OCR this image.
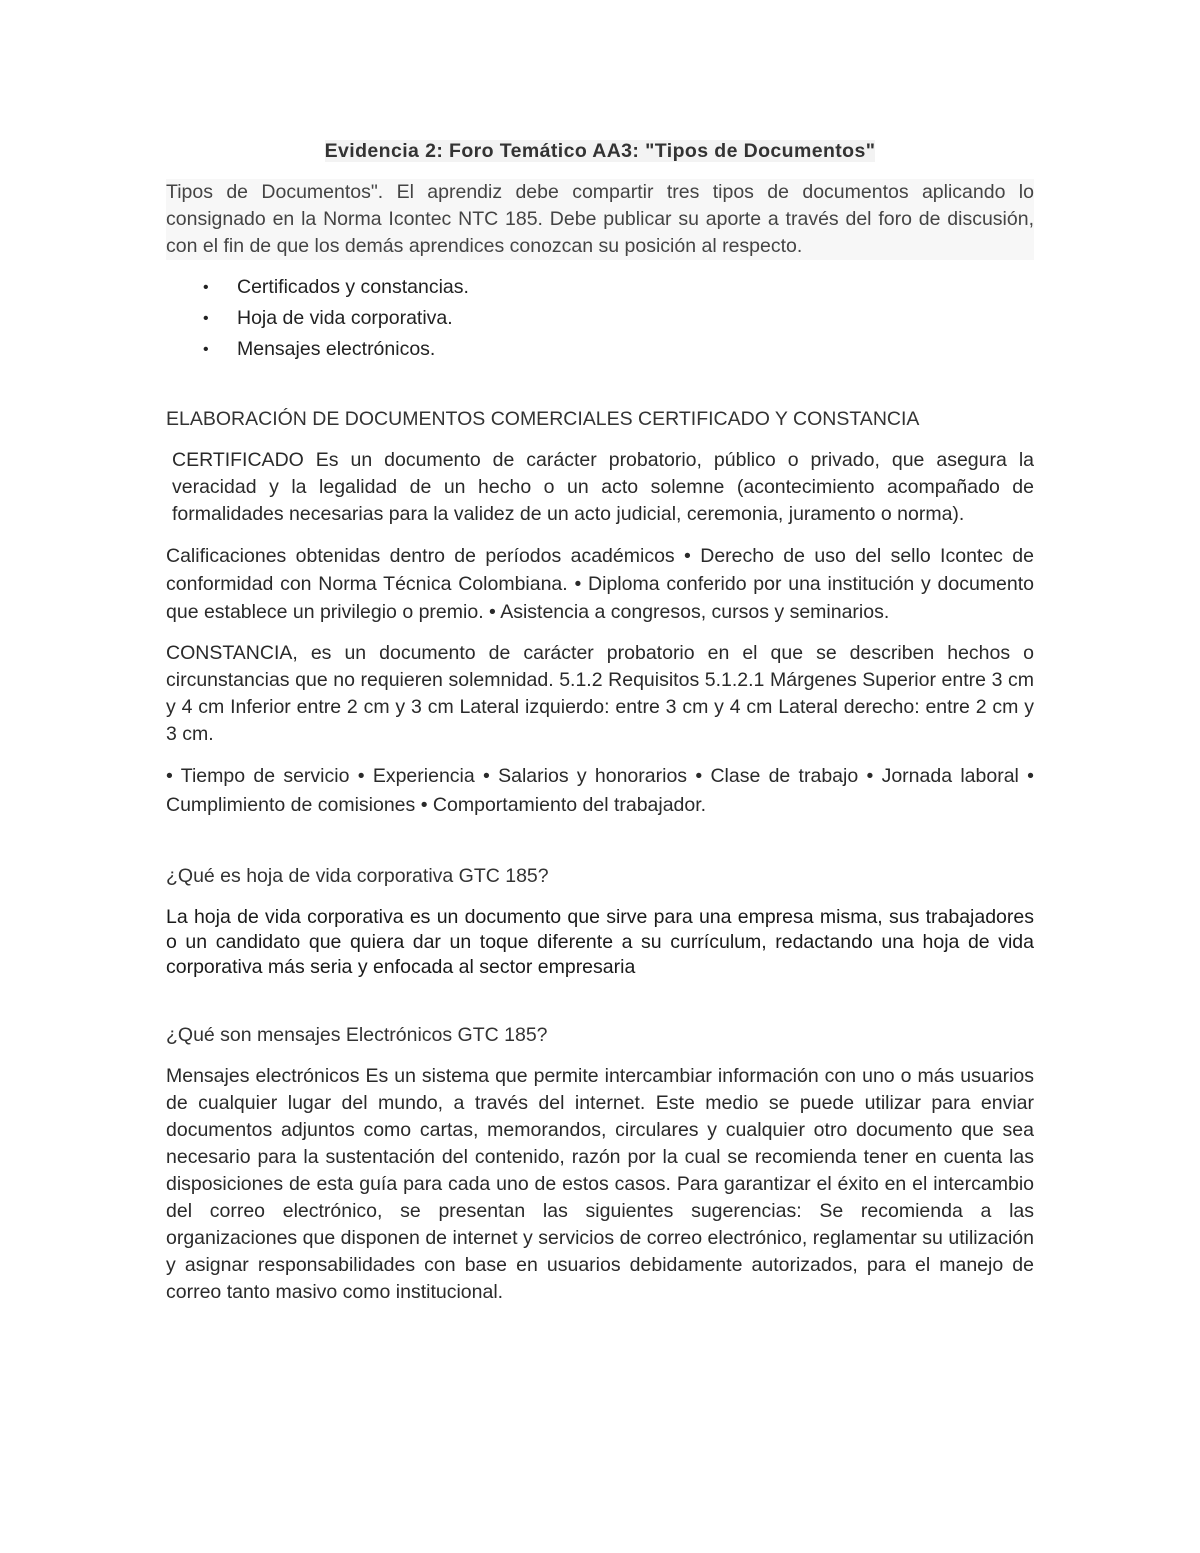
Evidencia 2: Foro Temático AA3: "Tipos de Documentos"

Tipos de Documentos". El aprendiz debe compartir tres tipos de documentos aplicando lo consignado en la Norma Icontec NTC 185. Debe publicar su aporte a través del foro de discusión, con el fin de que los demás aprendices conozcan su posición al respecto.

• Certificados y constancias.
• Hoja de vida corporativa.
• Mensajes electrónicos.

ELABORACIÓN DE DOCUMENTOS COMERCIALES CERTIFICADO Y CONSTANCIA

CERTIFICADO Es un documento de carácter probatorio, público o privado, que asegura la veracidad y la legalidad de un hecho o un acto solemne (acontecimiento acompañado de formalidades necesarias para la validez de un acto judicial, ceremonia, juramento o norma).

Calificaciones obtenidas dentro de períodos académicos • Derecho de uso del sello Icontec de conformidad con Norma Técnica Colombiana. • Diploma conferido por una institución y documento que establece un privilegio o premio. • Asistencia a congresos, cursos y seminarios.

CONSTANCIA, es un documento de carácter probatorio en el que se describen hechos o circunstancias que no requieren solemnidad. 5.1.2 Requisitos 5.1.2.1 Márgenes Superior entre 3 cm y 4 cm Inferior entre 2 cm y 3 cm Lateral izquierdo: entre 3 cm y 4 cm Lateral derecho: entre 2 cm y 3 cm.

• Tiempo de servicio • Experiencia • Salarios y honorarios • Clase de trabajo • Jornada laboral • Cumplimiento de comisiones • Comportamiento del trabajador.

¿Qué es hoja de vida corporativa GTC 185?

La hoja de vida corporativa es un documento que sirve para una empresa misma, sus trabajadores o un candidato que quiera dar un toque diferente a su currículum, redactando una hoja de vida corporativa más seria y enfocada al sector empresaria

¿Qué son mensajes Electrónicos GTC 185?

Mensajes electrónicos Es un sistema que permite intercambiar información con uno o más usuarios de cualquier lugar del mundo, a través del internet. Este medio se puede utilizar para enviar documentos adjuntos como cartas, memorandos, circulares y cualquier otro documento que sea necesario para la sustentación del contenido, razón por la cual se recomienda tener en cuenta las disposiciones de esta guía para cada uno de estos casos. Para garantizar el éxito en el intercambio del correo electrónico, se presentan las siguientes sugerencias: Se recomienda a las organizaciones que disponen de internet y servicios de correo electrónico, reglamentar su utilización y asignar responsabilidades con base en usuarios debidamente autorizados, para el manejo de correo tanto masivo como institucional.
